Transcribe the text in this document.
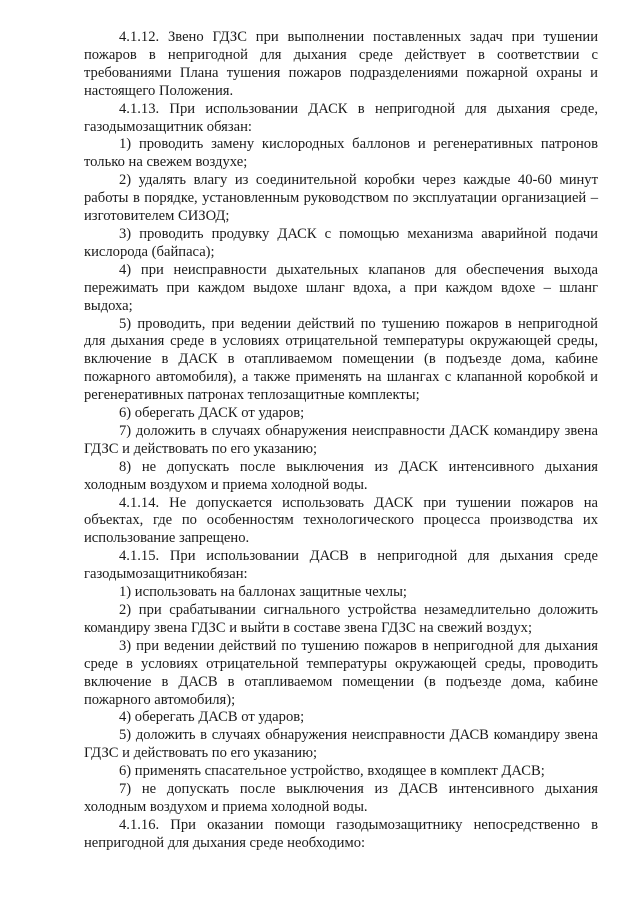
4.1.12. Звено ГДЗС при выполнении поставленных задач при тушении пожаров в непригодной для дыхания среде действует в соответствии с требованиями Плана тушения пожаров подразделениями пожарной охраны и настоящего Положения.

4.1.13. При использовании ДАСК в непригодной для дыхания среде, газодымозащитник обязан:

1) проводить замену кислородных баллонов и регенеративных патронов только на свежем воздухе;

2) удалять влагу из соединительной коробки через каждые 40-60 минут работы в порядке, установленным руководством по эксплуатации организацией – изготовителем СИЗОД;

3) проводить продувку ДАСК с помощью механизма аварийной подачи кислорода (байпаса);

4) при неисправности дыхательных клапанов для обеспечения выхода пережимать при каждом выдохе шланг вдоха, а при каждом вдохе – шланг выдоха;

5) проводить, при ведении действий по тушению пожаров в непригодной для дыхания среде в условиях отрицательной температуры окружающей среды, включение в ДАСК в отапливаемом помещении (в подъезде дома, кабине пожарного автомобиля), а также применять на шлангах с клапанной коробкой и регенеративных патронах теплозащитные комплекты;

6) оберегать ДАСК от ударов;

7) доложить в случаях обнаружения неисправности ДАСК командиру звена ГДЗС и действовать по его указанию;

8) не допускать после выключения из ДАСК интенсивного дыхания холодным воздухом и приема холодной воды.

4.1.14. Не допускается использовать ДАСК при тушении пожаров на объектах, где по особенностям технологического процесса производства их использование запрещено.

4.1.15. При использовании ДАСВ в непригодной для дыхания среде газодымозащитникобязан:

1) использовать на баллонах защитные чехлы;

2) при срабатывании сигнального устройства незамедлительно доложить командиру звена ГДЗС и выйти в составе звена ГДЗС на свежий воздух;

3) при ведении действий по тушению пожаров в непригодной для дыхания среде в условиях отрицательной температуры окружающей среды, проводить включение в ДАСВ в отапливаемом помещении (в подъезде дома, кабине пожарного автомобиля);

4) оберегать ДАСВ от ударов;

5) доложить в случаях обнаружения неисправности ДАСВ командиру звена ГДЗС и действовать по его указанию;

6) применять спасательное устройство, входящее в комплект ДАСВ;

7) не допускать после выключения из ДАСВ интенсивного дыхания холодным воздухом и приема холодной воды.

4.1.16. При оказании помощи газодымозащитнику непосредственно в непригодной для дыхания среде необходимо:
